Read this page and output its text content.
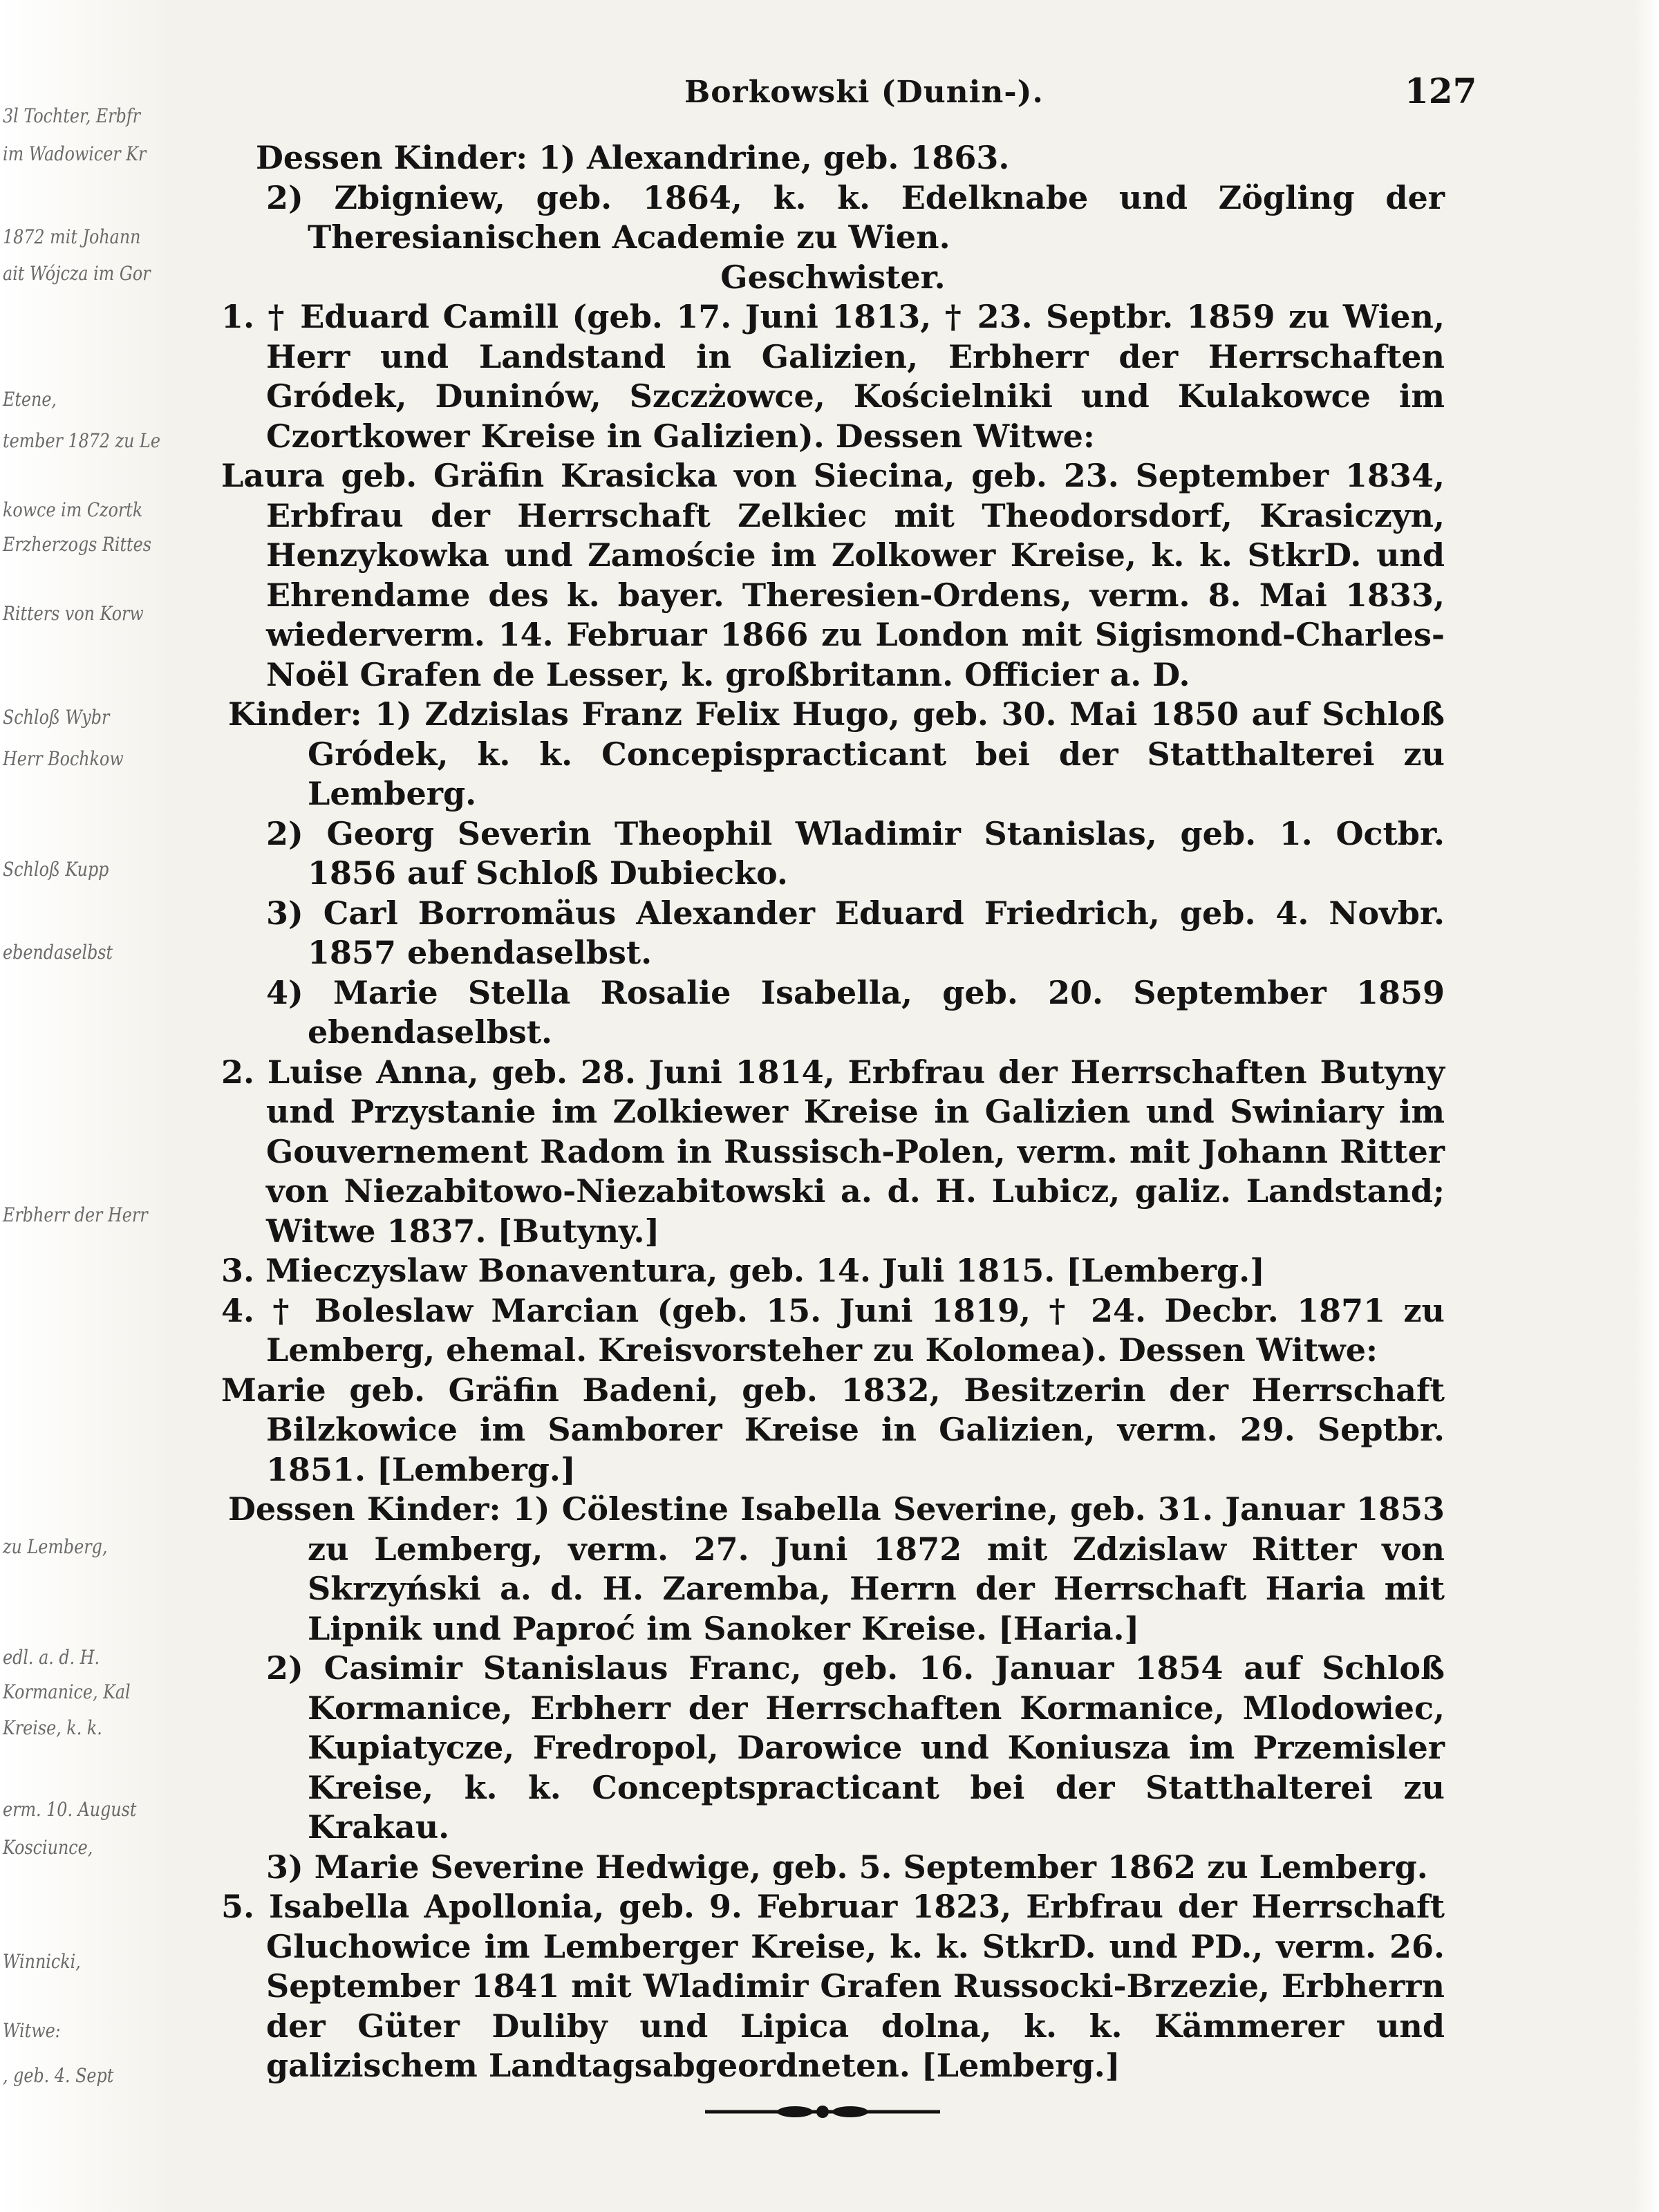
3l Tochter, Erbfr
im Wadowicer Kr
1872 mit Johann
ait Wójcza im Gor
Etene,
tember 1872 zu Le
kowce im Czortk
Erzherzogs Rittes
Ritters von Korw
Schloß Wybr
Herr Bochkow
Schloß Kupp
ebendaselbst
Erbherr der Herr
zu Lemberg,
edl. a. d. H.
Kormanice, Kal
Kreise, k. k.
erm. 10. August
Kosciunce,
Winnicki,
Witwe:
, geb. 4. Sept
Borkowski (Dunin-).	127

Dessen Kinder: 1) Alexandrine, geb. 1863.

2) Zbigniew, geb. 1864, k. k. Edelknabe und Zögling der Theresianischen Academie zu Wien.

Geschwister.

1. † Eduard Camill (geb. 17. Juni 1813, † 23. Septbr. 1859 zu Wien, Herr und Landstand in Galizien, Erbherr der Herrschaften Gródek, Duninów, Szczżowce, Kościelniki und Kulakowce im Czortkower Kreise in Galizien). Dessen Witwe:

Laura geb. Gräfin Krasicka von Siecina, geb. 23. September 1834, Erbfrau der Herrschaft Zelkiec mit Theodorsdorf, Krasiczyn, Henzykowka und Zamoście im Zolkower Kreise, k. k. StkrD. und Ehrendame des k. bayer. Theresien-Ordens, verm. 8. Mai 1833, wiederverm. 14. Februar 1866 zu London mit Sigismond-Charles-Noël Grafen de Lesser, k. großbritann. Officier a. D.

Kinder: 1) Zdzislas Franz Felix Hugo, geb. 30. Mai 1850 auf Schloß Gródek, k. k. Concepispracticant bei der Statthalterei zu Lemberg.

2) Georg Severin Theophil Wladimir Stanislas, geb. 1. Octbr. 1856 auf Schloß Dubiecko.

3) Carl Borromäus Alexander Eduard Friedrich, geb. 4. Novbr. 1857 ebendaselbst.

4) Marie Stella Rosalie Isabella, geb. 20. September 1859 ebendaselbst.

2. Luise Anna, geb. 28. Juni 1814, Erbfrau der Herrschaften Butyny und Przystanie im Zolkiewer Kreise in Galizien und Swiniary im Gouvernement Radom in Russisch-Polen, verm. mit Johann Ritter von Niezabitowo-Niezabitowski a. d. H. Lubicz, galiz. Landstand; Witwe 1837. [Butyny.]

3. Mieczyslaw Bonaventura, geb. 14. Juli 1815. [Lemberg.]

4. † Boleslaw Marcian (geb. 15. Juni 1819, † 24. Decbr. 1871 zu Lemberg, ehemal. Kreisvorsteher zu Kolomea). Dessen Witwe:

Marie geb. Gräfin Badeni, geb. 1832, Besitzerin der Herrschaft Bilzkowice im Samborer Kreise in Galizien, verm. 29. Septbr. 1851. [Lemberg.]

Dessen Kinder: 1) Cölestine Isabella Severine, geb. 31. Januar 1853 zu Lemberg, verm. 27. Juni 1872 mit Zdzislaw Ritter von Skrzyński a. d. H. Zaremba, Herrn der Herrschaft Haria mit Lipnik und Paproć im Sanoker Kreise. [Haria.]

2) Casimir Stanislaus Franc, geb. 16. Januar 1854 auf Schloß Kormanice, Erbherr der Herrschaften Kormanice, Mlodowiec, Kupiatycze, Fredropol, Darowice und Koniusza im Przemisler Kreise, k. k. Conceptspracticant bei der Statthalterei zu Krakau.

3) Marie Severine Hedwige, geb. 5. September 1862 zu Lemberg.

5. Isabella Apollonia, geb. 9. Februar 1823, Erbfrau der Herrschaft Gluchowice im Lemberger Kreise, k. k. StkrD. und PD., verm. 26. September 1841 mit Wladimir Grafen Russocki-Brzezie, Erbherrn der Güter Duliby und Lipica dolna, k. k. Kämmerer und galizischem Landtagsabgeordneten. [Lemberg.]
